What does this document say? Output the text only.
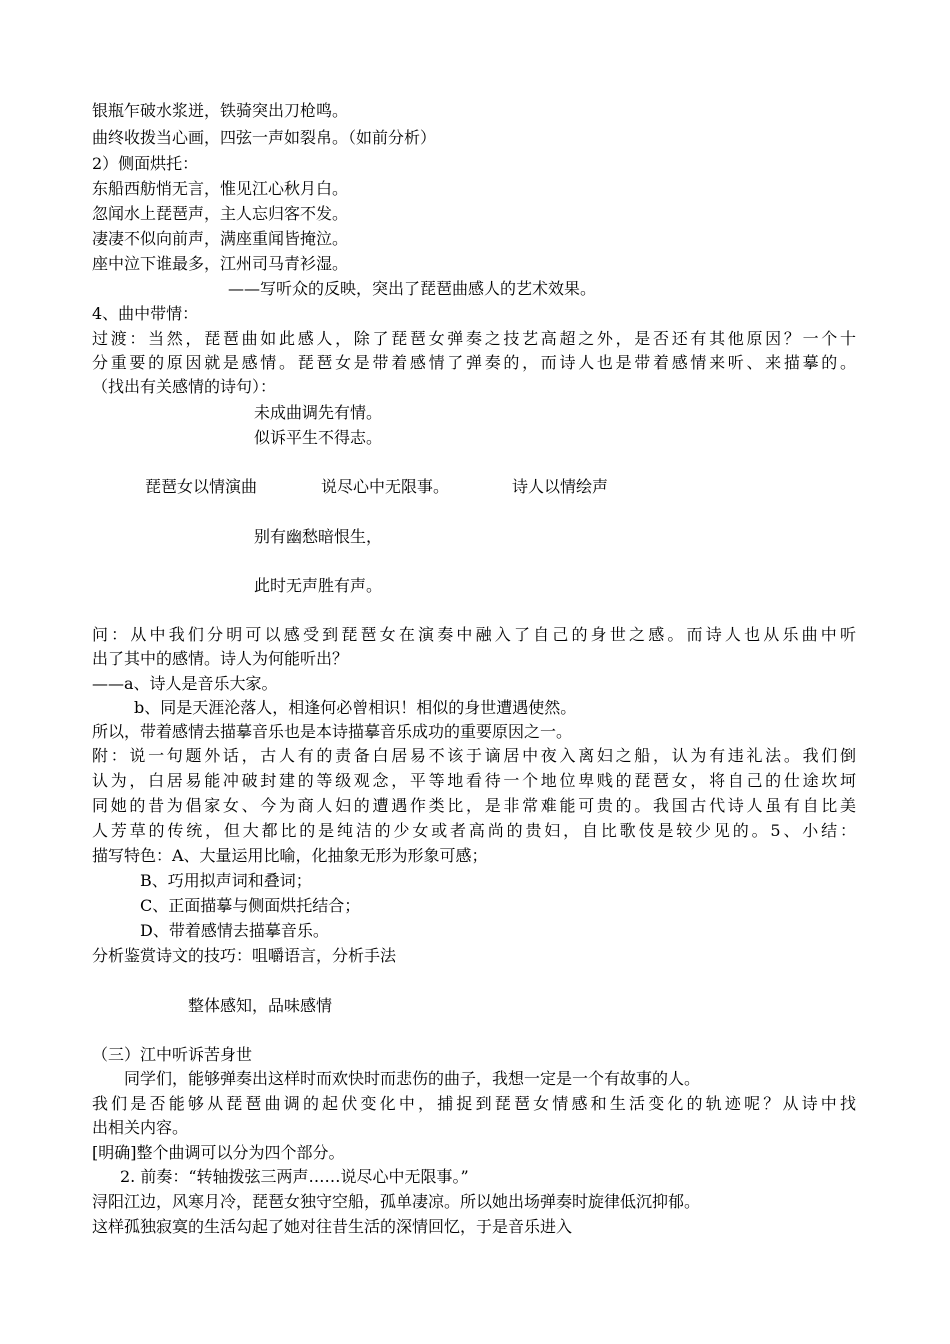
银瓶乍破水浆迸，铁骑突出刀枪鸣。
曲终收拨当心画，四弦一声如裂帛。（如前分析）
2）侧面烘托：
东船西舫悄无言，惟见江心秋月白。
忽闻水上琵琶声，主人忘归客不发。
凄凄不似向前声，满座重闻皆掩泣。
座中泣下谁最多，江州司马青衫湿。
——写听众的反映，突出了琵琶曲感人的艺术效果。
4、曲中带情：
过渡：当然，琵琶曲如此感人，除了琵琶女弹奏之技艺高超之外，是否还有其他原因？一个十
分重要的原因就是感情。琵琶女是带着感情了弹奏的，而诗人也是带着感情来听、来描摹的。
（找出有关感情的诗句）：
未成曲调先有情。
似诉平生不得志。
琵琶女以情演曲	说尽心中无限事。	诗人以情绘声
别有幽愁暗恨生，
此时无声胜有声。
问：从中我们分明可以感受到琵琶女在演奏中融入了自己的身世之感。而诗人也从乐曲中听
出了其中的感情。诗人为何能听出？
——a、诗人是音乐大家。
b、同是天涯沦落人，相逢何必曾相识！相似的身世遭遇使然。
所以，带着感情去描摹音乐也是本诗描摹音乐成功的重要原因之一。
附：说一句题外话，古人有的责备白居易不该于谪居中夜入离妇之船，认为有违礼法。我们倒
认为，白居易能冲破封建的等级观念，平等地看待一个地位卑贱的琵琶女，将自己的仕途坎坷
同她的昔为倡家女、今为商人妇的遭遇作类比，是非常难能可贵的。我国古代诗人虽有自比美
人芳草的传统，但大都比的是纯洁的少女或者高尚的贵妇，自比歌伎是较少见的。5、小结：
描写特色：A、大量运用比喻，化抽象无形为形象可感；
B、巧用拟声词和叠词；
C、正面描摹与侧面烘托结合；
D、带着感情去描摹音乐。
分析鉴赏诗文的技巧：咀嚼语言，分析手法
整体感知，品味感情
（三）江中听诉苦身世
同学们，能够弹奏出这样时而欢快时而悲伤的曲子，我想一定是一个有故事的人。
我们是否能够从琵琶曲调的起伏变化中，捕捉到琵琶女情感和生活变化的轨迹呢？从诗中找
出相关内容。
[明确]整个曲调可以分为四个部分。
2. 前奏：“转轴拨弦三两声……说尽心中无限事。”
浔阳江边，风寒月冷，琵琶女独守空船，孤单凄凉。所以她出场弹奏时旋律低沉抑郁。
这样孤独寂寞的生活勾起了她对往昔生活的深情回忆，于是音乐进入
